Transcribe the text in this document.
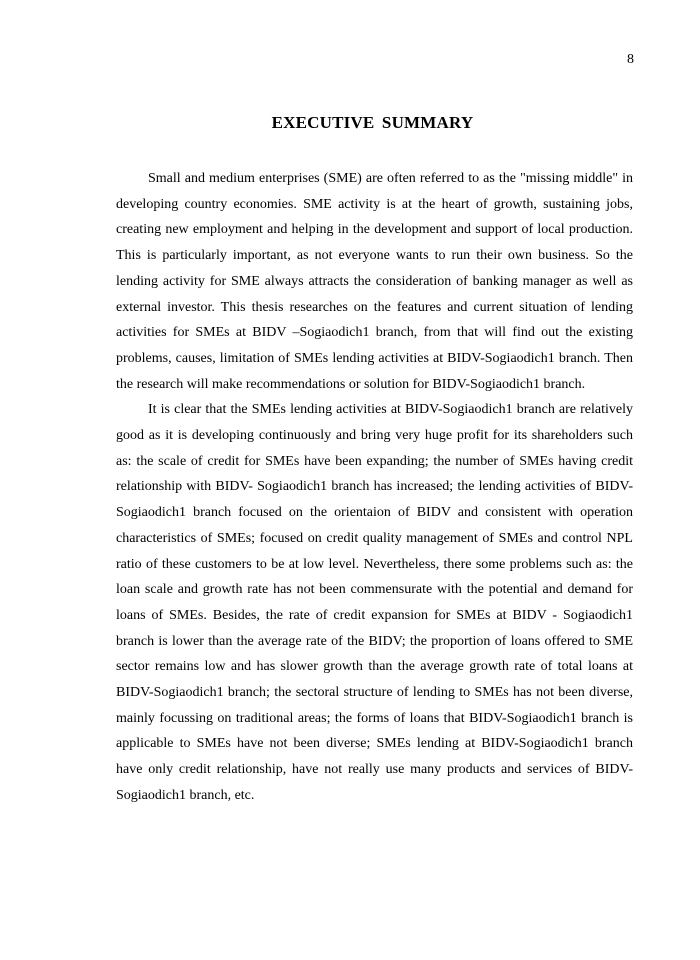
8
EXECUTIVE SUMMARY

Small and medium enterprises (SME) are often referred to as the "missing middle" in developing country economies. SME activity is at the heart of growth, sustaining jobs, creating new employment and helping in the development and support of local production. This is particularly important, as not everyone wants to run their own business. So the lending activity for SME always attracts the consideration of banking manager as well as external investor. This thesis researches on the features and current situation of lending activities for SMEs at BIDV –Sogiaodich1 branch, from that will find out the existing problems, causes, limitation of SMEs lending activities at BIDV-Sogiaodich1 branch. Then the research will make recommendations or solution for BIDV-Sogiaodich1 branch.

It is clear that the SMEs lending activities at BIDV-Sogiaodich1 branch are relatively good as it is developing continuously and bring very huge profit for its shareholders such as: the scale of credit for SMEs have been expanding; the number of SMEs having credit relationship with BIDV- Sogiaodich1 branch has increased; the lending activities of BIDV-Sogiaodich1 branch focused on the orientaion of BIDV and consistent with operation characteristics of SMEs; focused on credit quality management of SMEs and control NPL ratio of these customers to be at low level. Nevertheless, there some problems such as: the loan scale and growth rate has not been commensurate with the potential and demand for loans of SMEs. Besides, the rate of credit expansion for SMEs at BIDV - Sogiaodich1 branch is lower than the average rate of the BIDV; the proportion of loans offered to SME sector remains low and has slower growth than the average growth rate of total loans at BIDV-Sogiaodich1 branch; the sectoral structure of lending to SMEs has not been diverse, mainly focussing on traditional areas; the forms of loans that BIDV-Sogiaodich1 branch is applicable to SMEs have not been diverse; SMEs lending at BIDV-Sogiaodich1 branch have only credit relationship, have not really use many products and services of BIDV- Sogiaodich1 branch, etc.
